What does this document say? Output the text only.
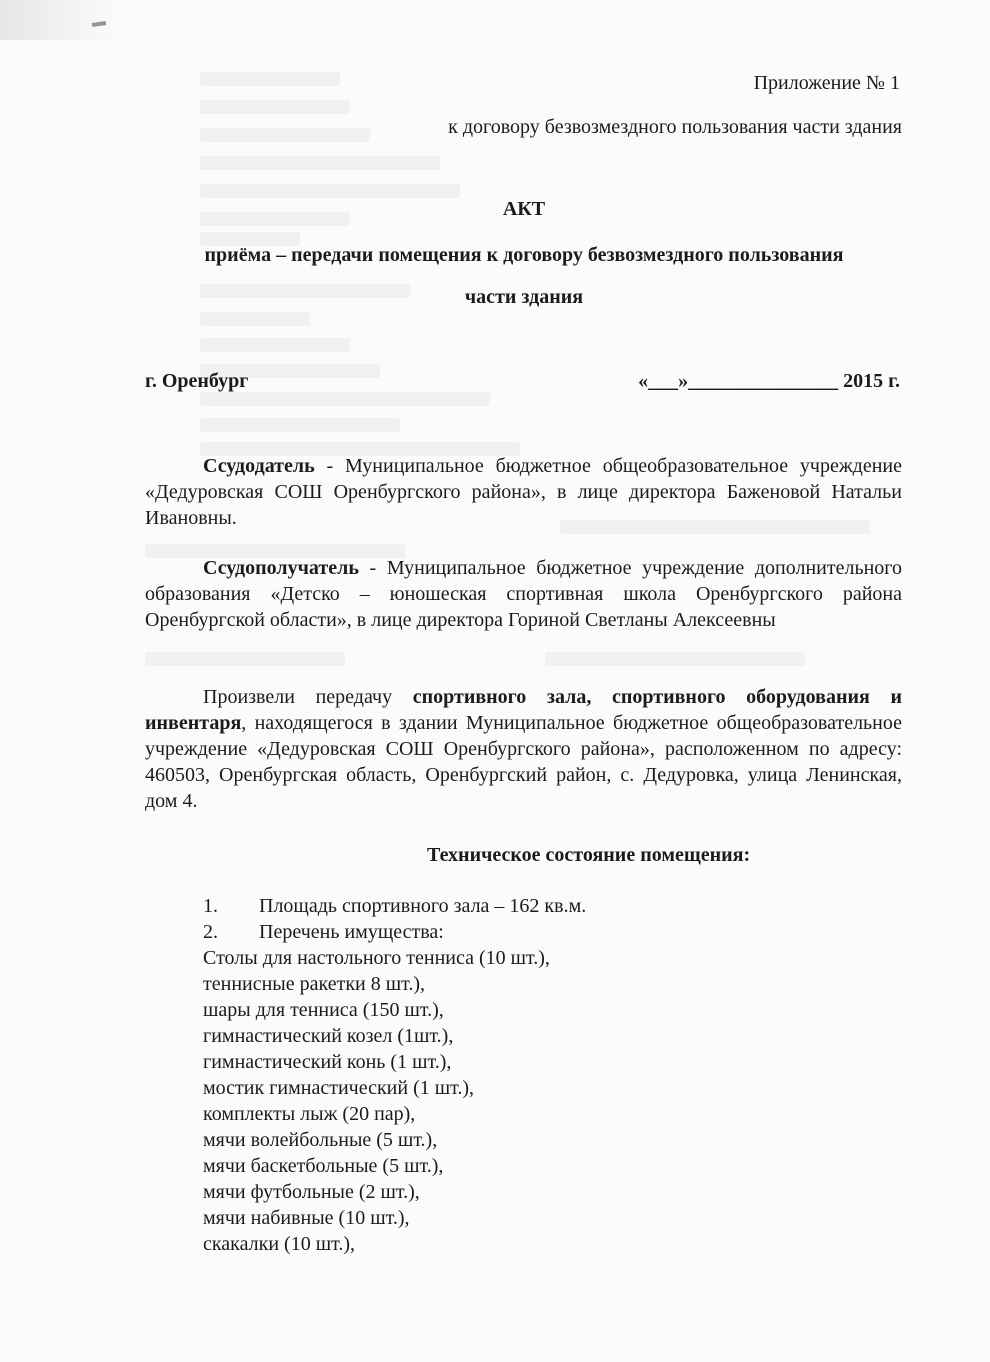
Приложение № 1
к договору безвозмездного пользования части здания
АКТ
приёма – передачи помещения к договору безвозмездного пользования
части здания
г. Оренбург	«___»_______________ 2015 г.
Ссудодатель - Муниципальное бюджетное общеобразовательное учреждение «Дедуровская СОШ Оренбургского района», в лице директора Баженовой Натальи Ивановны.
Ссудополучатель - Муниципальное бюджетное учреждение дополнительного образования «Детско – юношеская спортивная школа Оренбургского района Оренбургской области», в лице директора Гориной Светланы Алексеевны
Произвели передачу спортивного зала, спортивного оборудования и инвентаря, находящегося в здании Муниципальное бюджетное общеобразовательное учреждение «Дедуровская СОШ Оренбургского района», расположенном по адресу: 460503, Оренбургская область, Оренбургский район, с. Дедуровка, улица Ленинская, дом 4.
Техническое состояние помещения:
1. Площадь спортивного зала – 162 кв.м.
2. Перечень имущества:
Столы для настольного тенниса (10 шт.),
теннисные ракетки 8 шт.),
шары для тенниса (150 шт.),
гимнастический козел (1шт.),
гимнастический конь (1 шт.),
мостик гимнастический (1 шт.),
комплекты лыж (20 пар),
мячи волейбольные (5 шт.),
мячи баскетбольные (5 шт.),
мячи футбольные (2 шт.),
мячи набивные (10 шт.),
скакалки (10 шт.),
